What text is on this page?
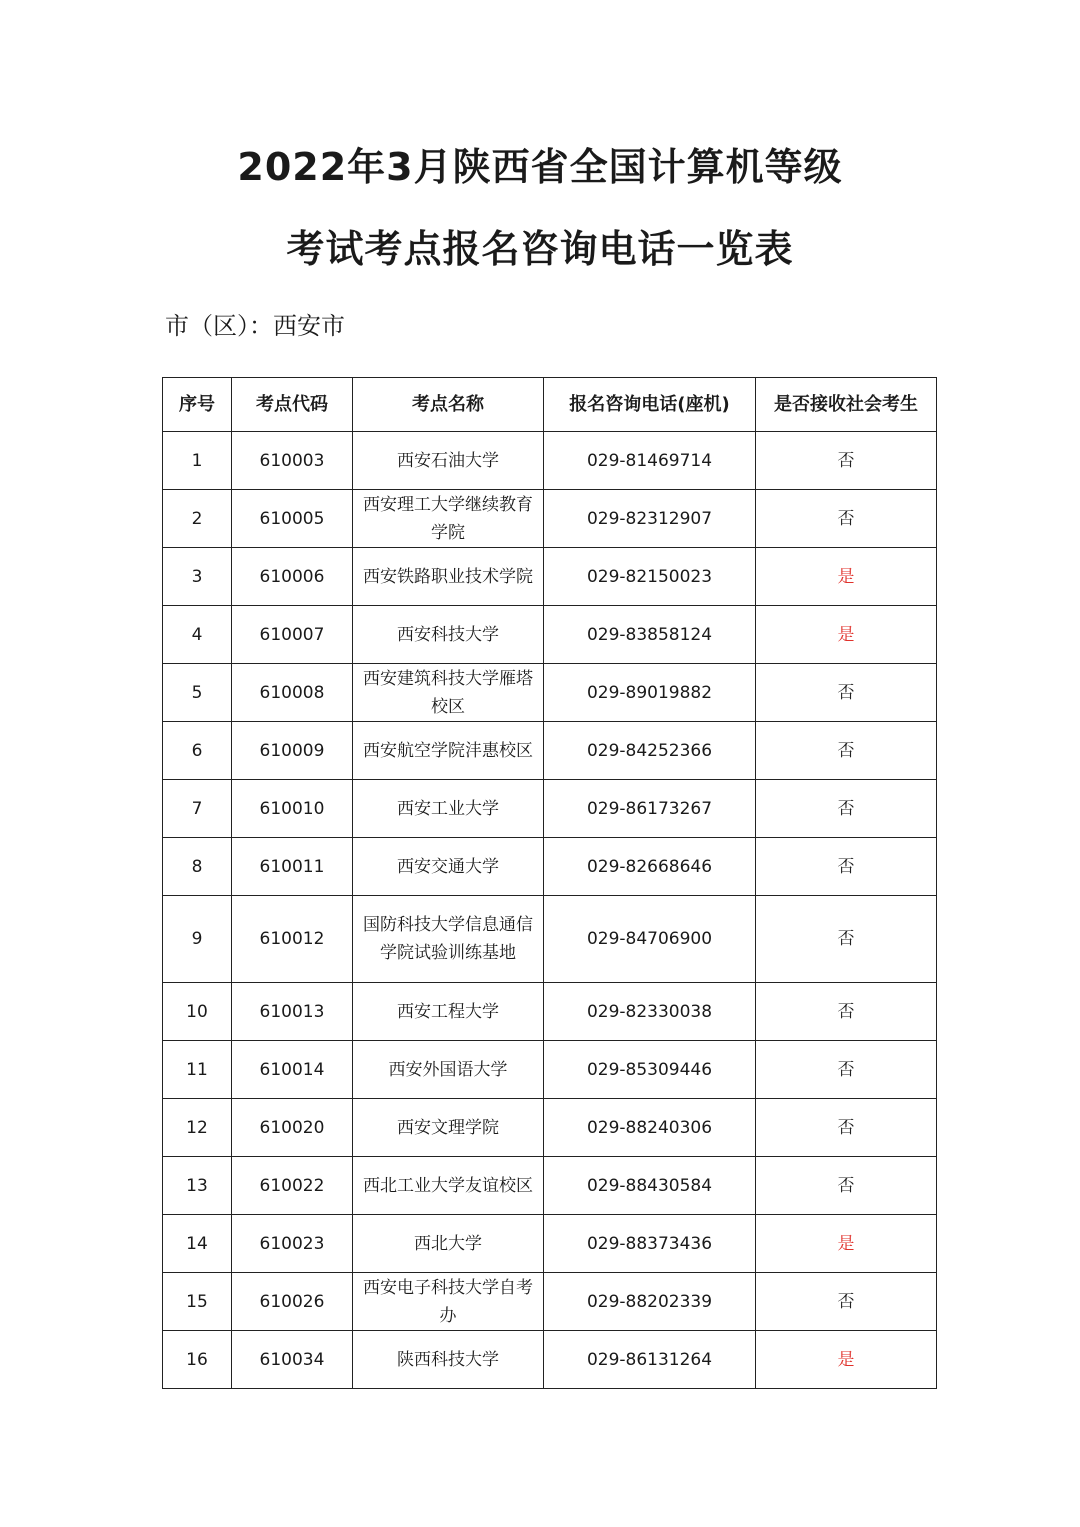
2022年3月陕西省全国计算机等级
考试考点报名咨询电话一览表
市（区）：西安市
序号	考点代码	考点名称	报名咨询电话(座机)	是否接收社会考生
1	610003	西安石油大学	029-81469714	否
2	610005	西安理工大学继续教育学院	029-82312907	否
3	610006	西安铁路职业技术学院	029-82150023	是
4	610007	西安科技大学	029-83858124	是
5	610008	西安建筑科技大学雁塔校区	029-89019882	否
6	610009	西安航空学院沣惠校区	029-84252366	否
7	610010	西安工业大学	029-86173267	否
8	610011	西安交通大学	029-82668646	否
9	610012	国防科技大学信息通信学院试验训练基地	029-84706900	否
10	610013	西安工程大学	029-82330038	否
11	610014	西安外国语大学	029-85309446	否
12	610020	西安文理学院	029-88240306	否
13	610022	西北工业大学友谊校区	029-88430584	否
14	610023	西北大学	029-88373436	是
15	610026	西安电子科技大学自考办	029-88202339	否
16	610034	陕西科技大学	029-86131264	是
